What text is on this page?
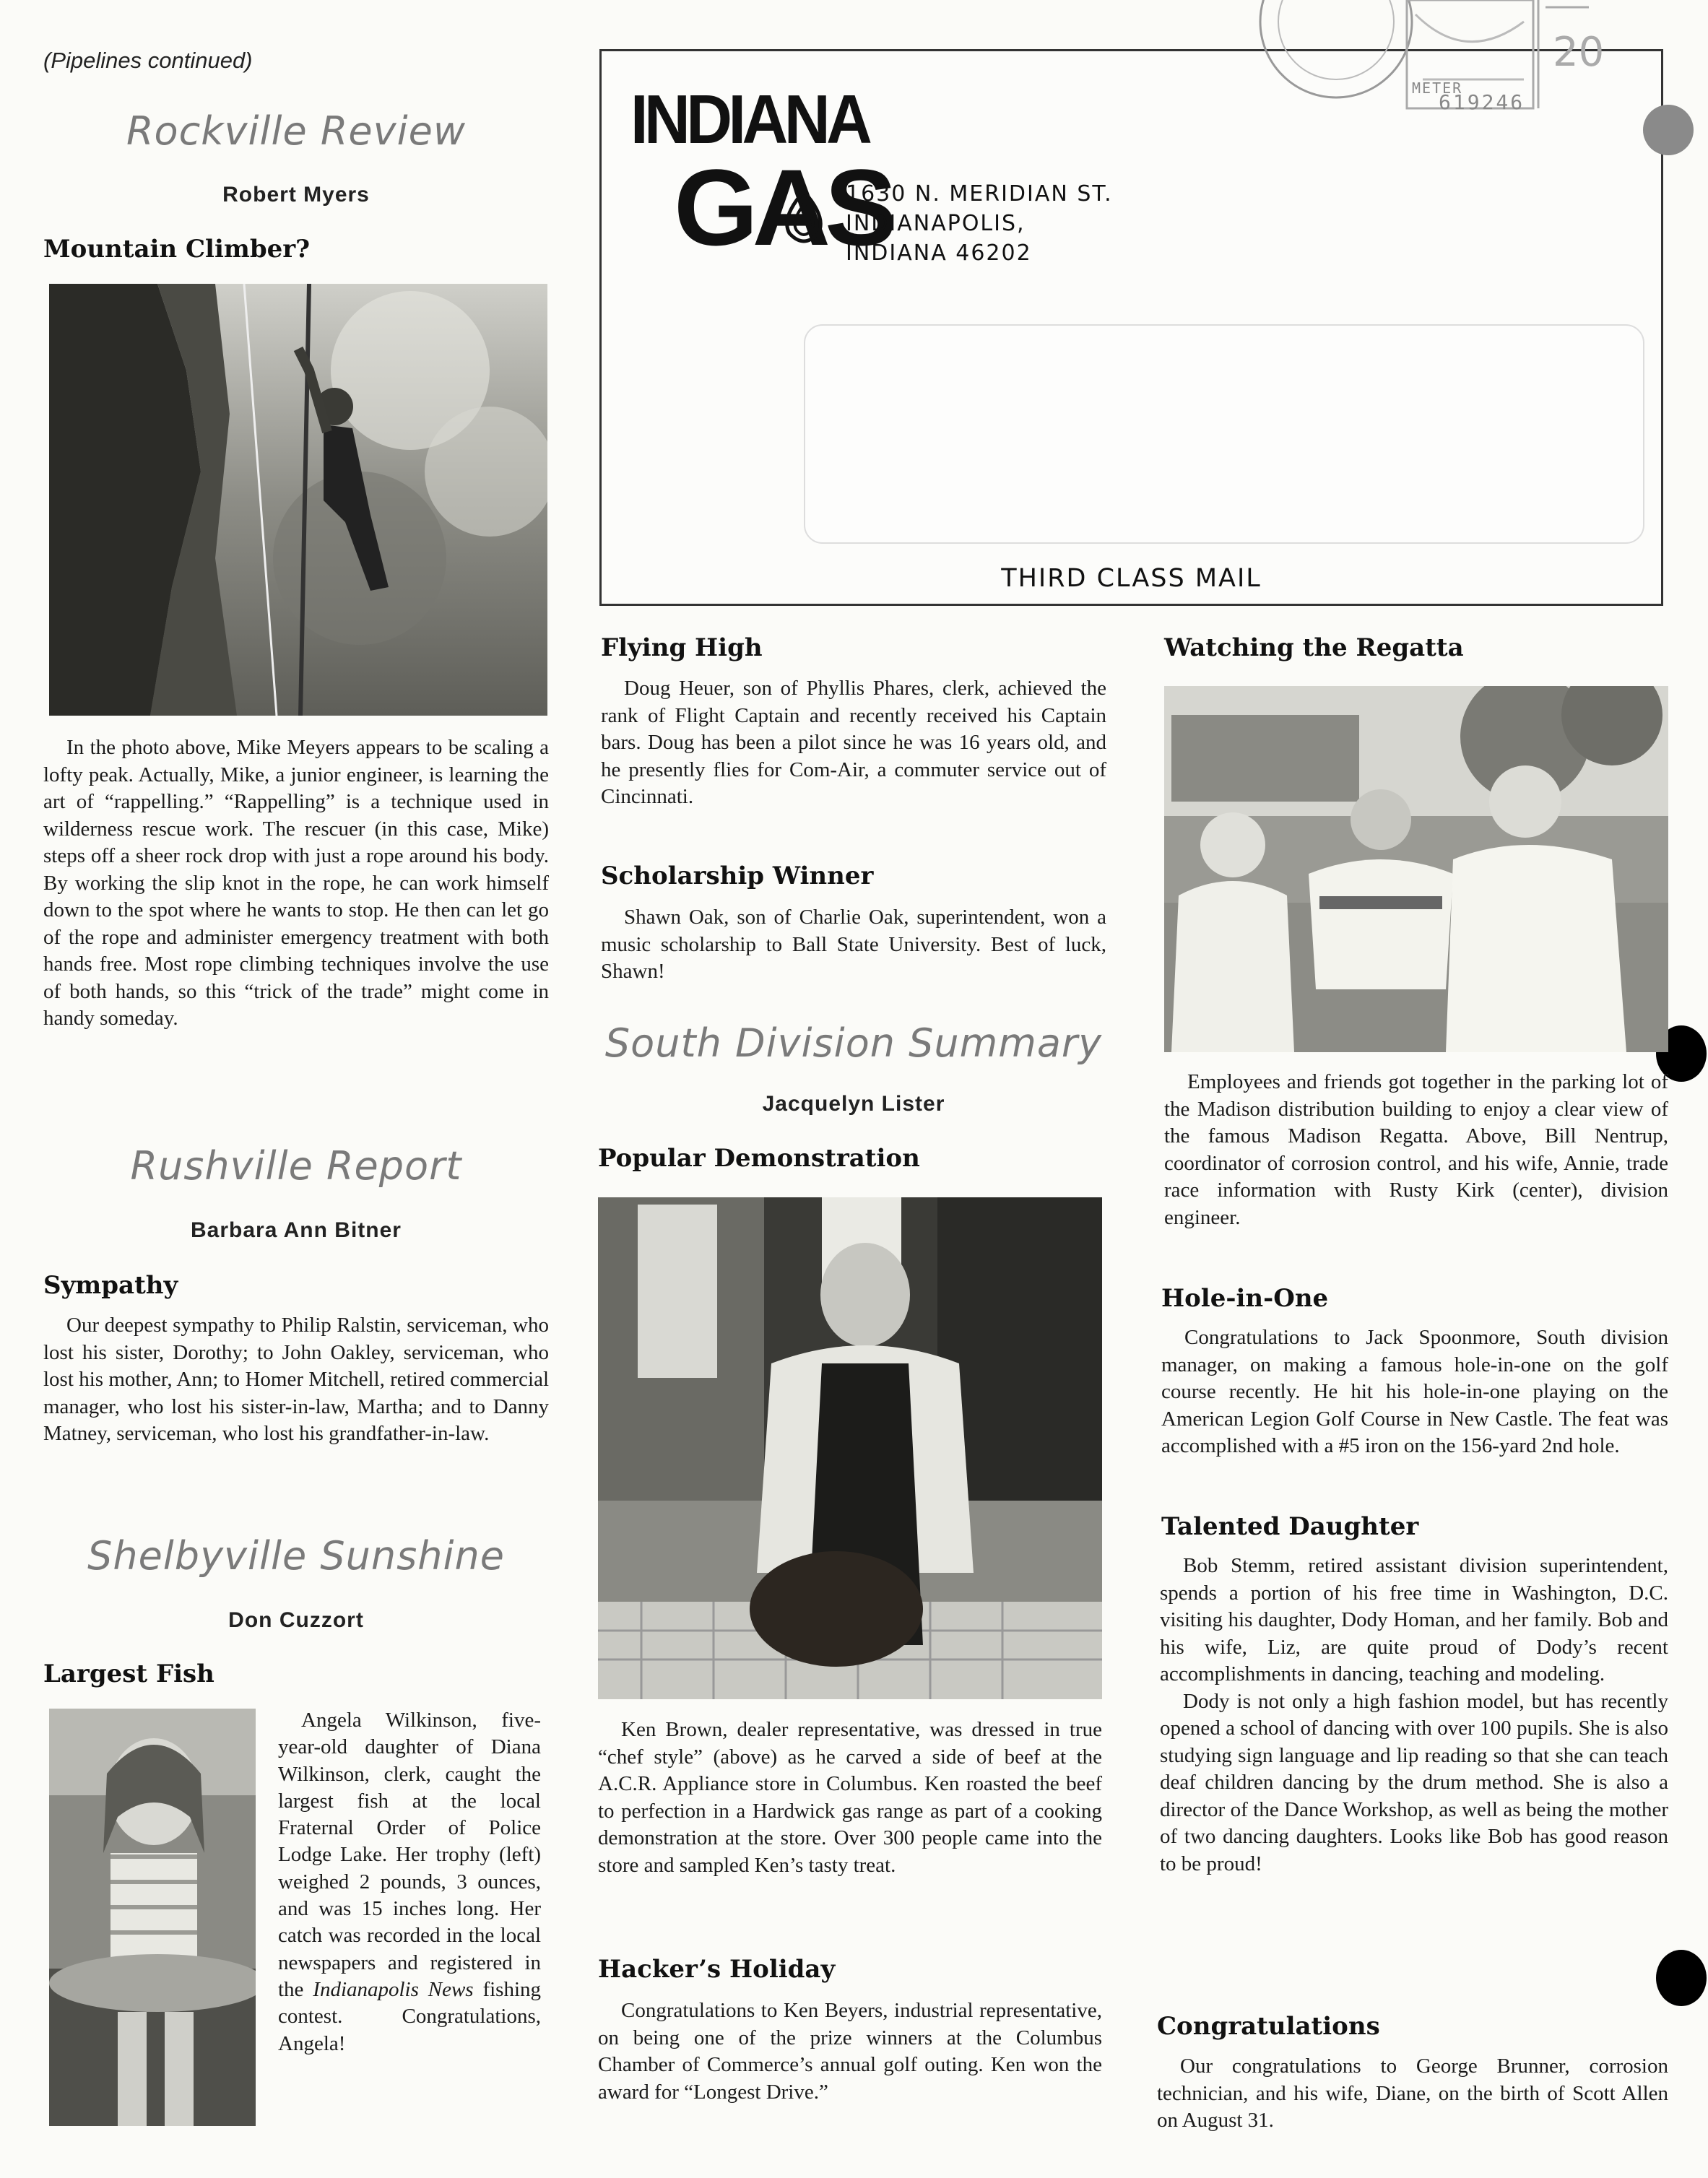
(Pipelines continued)
Rockville Review
Robert Myers
Mountain Climber?

In the photo above, Mike Meyers appears to be scaling a lofty peak. Actually, Mike, a junior engineer, is learning the art of “rappelling.” “Rappelling” is a technique used in wilderness rescue work. The rescuer (in this case, Mike) steps off a sheer rock drop with just a rope around his body. By working the slip knot in the rope, he can work himself down to the spot where he wants to stop. He then can let go of the rope and administer emergency treatment with both hands free. Most rope climbing techniques involve the use of both hands, so this “trick of the trade” might come in handy someday.

Rushville Report
Barbara Ann Bitner
Sympathy

Our deepest sympathy to Philip Ralstin, serviceman, who lost his sister, Dorothy; to John Oakley, serviceman, who lost his mother, Ann; to Homer Mitchell, retired commercial manager, who lost his sister-in-law, Martha; and to Danny Matney, serviceman, who lost his grandfather-in-law.

Shelbyville Sunshine
Don Cuzzort
Largest Fish

Angela Wilkinson, five-year-old daughter of Diana Wilkinson, clerk, caught the largest fish at the local Fraternal Order of Police Lodge Lake. Her trophy (left) weighed 2 pounds, 3 ounces, and was 15 inches long. Her catch was recorded in the local newspapers and registered in the Indianapolis News fishing contest. Congratulations, Angela!

INDIANA
GAS
1630 N. MERIDIAN ST.
INDIANAPOLIS,
INDIANA 46202
THIRD CLASS MAIL
METER
619246
20
Flying High

Doug Heuer, son of Phyllis Phares, clerk, achieved the rank of Flight Captain and recently received his Captain bars. Doug has been a pilot since he was 16 years old, and he presently flies for Com-Air, a commuter service out of Cincinnati.

Scholarship Winner

Shawn Oak, son of Charlie Oak, superintendent, won a music scholarship to Ball State University. Best of luck, Shawn!

South Division Summary
Jacquelyn Lister
Popular Demonstration

Ken Brown, dealer representative, was dressed in true “chef style” (above) as he carved a side of beef at the A.C.R. Appliance store in Columbus. Ken roasted the beef to perfection in a Hardwick gas range as part of a cooking demonstration at the store. Over 300 people came into the store and sampled Ken’s tasty treat.

Hacker’s Holiday

Congratulations to Ken Beyers, industrial representative, on being one of the prize winners at the Columbus Chamber of Commerce’s annual golf outing. Ken won the award for “Longest Drive.”

Watching the Regatta

Employees and friends got together in the parking lot of the Madison distribution building to enjoy a clear view of the famous Madison Regatta. Above, Bill Nentrup, coordinator of corrosion control, and his wife, Annie, trade race information with Rusty Kirk (center), division engineer.

Hole-in-One

Congratulations to Jack Spoonmore, South division manager, on making a famous hole-in-one on the golf course recently. He hit his hole-in-one playing on the American Legion Golf Course in New Castle. The feat was accomplished with a #5 iron on the 156-yard 2nd hole.

Talented Daughter

Bob Stemm, retired assistant division superintendent, spends a portion of his free time in Washington, D.C. visiting his daughter, Dody Homan, and her family. Bob and his wife, Liz, are quite proud of Dody’s recent accomplishments in dancing, teaching and modeling.

Dody is not only a high fashion model, but has recently opened a school of dancing with over 100 pupils. She is also studying sign language and lip reading so that she can teach deaf children dancing by the drum method. She is also a director of the Dance Workshop, as well as being the mother of two dancing daughters. Looks like Bob has good reason to be proud!

Congratulations

Our congratulations to George Brunner, corrosion technician, and his wife, Diane, on the birth of Scott Allen on August 31.
